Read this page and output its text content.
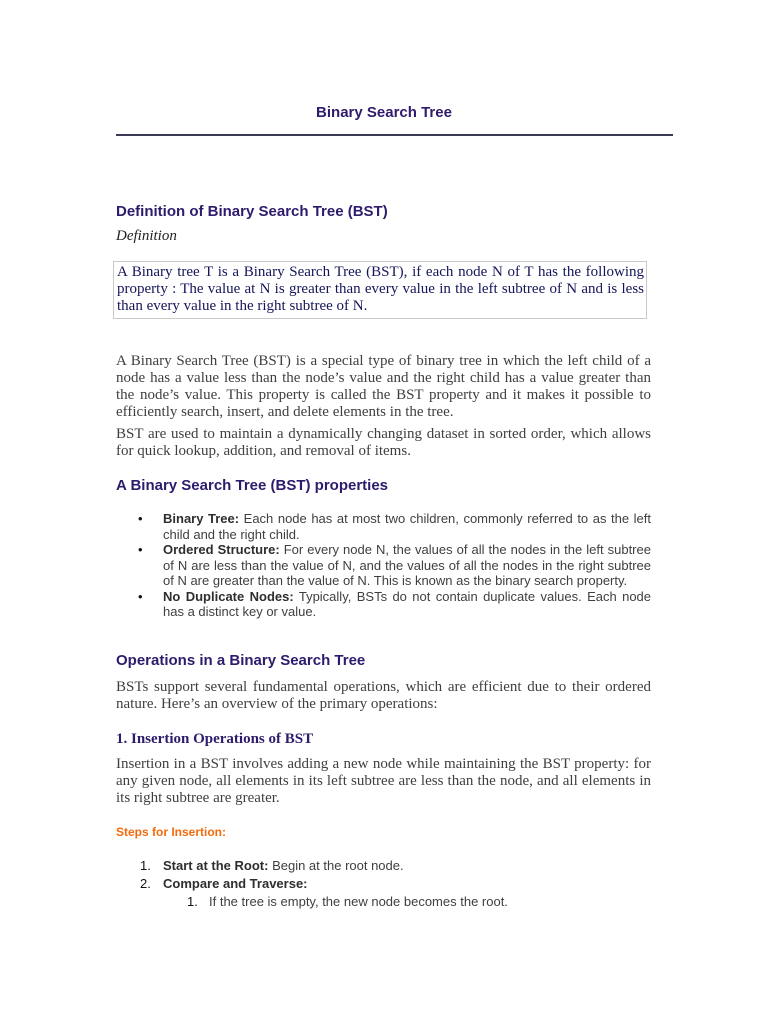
Binary Search Tree
Definition of Binary Search Tree (BST)
Definition
A Binary tree T is a Binary Search Tree (BST), if each node N of T has the following property : The value at N is greater than every value in the left subtree of N and is less than every value in the right subtree of N.

A Binary Search Tree (BST) is a special type of binary tree in which the left child of a node has a value less than the node’s value and the right child has a value greater than the node’s value. This property is called the BST property and it makes it possible to efficiently search, insert, and delete elements in the tree.

BST are used to maintain a dynamically changing dataset in sorted order, which allows for quick lookup, addition, and removal of items.

A Binary Search Tree (BST) properties
• Binary Tree: Each node has at most two children, commonly referred to as the left child and the right child.
• Ordered Structure: For every node N, the values of all the nodes in the left subtree of N are less than the value of N, and the values of all the nodes in the right subtree of N are greater than the value of N. This is known as the binary search property.
• No Duplicate Nodes: Typically, BSTs do not contain duplicate values. Each node has a distinct key or value.
Operations in a Binary Search Tree

BSTs support several fundamental operations, which are efficient due to their ordered nature. Here’s an overview of the primary operations:

1. Insertion Operations of BST

Insertion in a BST involves adding a new node while maintaining the BST property: for any given node, all elements in its left subtree are less than the node, and all elements in its right subtree are greater.

Steps for Insertion:
1. Start at the Root: Begin at the root node.
2. Compare and Traverse:
1. If the tree is empty, the new node becomes the root.
